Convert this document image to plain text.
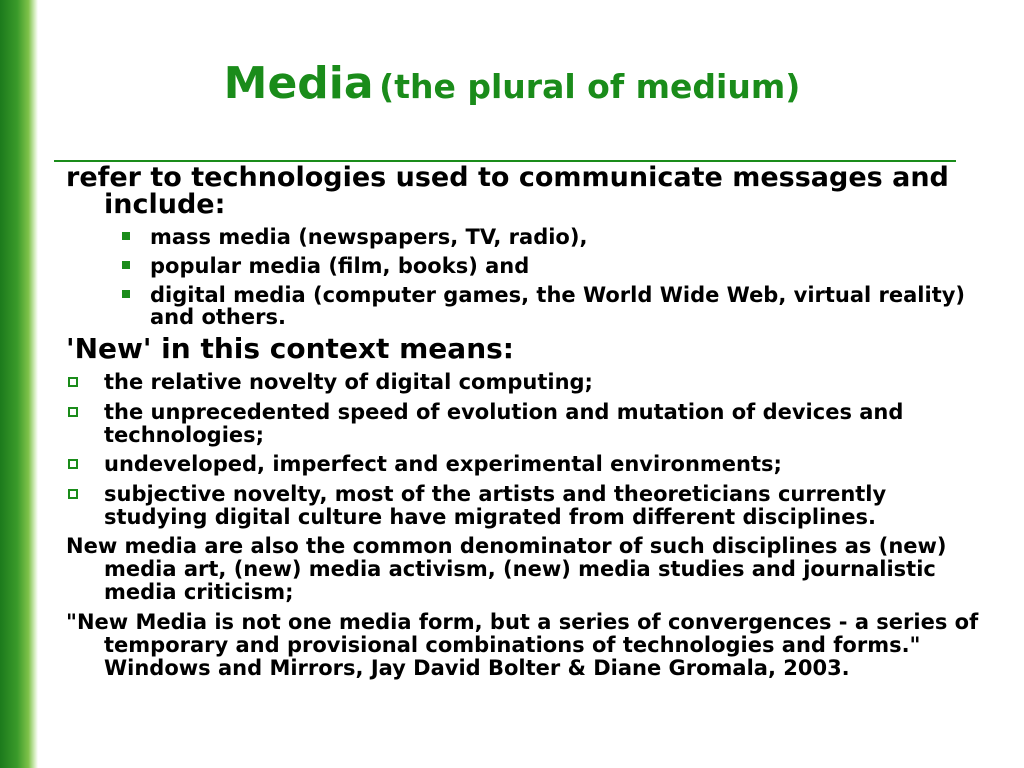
Media (the plural of medium)

refer to technologies used to communicate messages and include:

mass media (newspapers, TV, radio),
popular media (film, books) and
digital media (computer games, the World Wide Web, virtual reality) and others.

'New' in this context means:

the relative novelty of digital computing;
the unprecedented speed of evolution and mutation of devices and technologies;
undeveloped, imperfect and experimental environments;
subjective novelty, most of the artists and theoreticians currently studying digital culture have migrated from different disciplines.

New media are also the common denominator of such disciplines as (new) media art, (new) media activism, (new) media studies and journalistic media criticism;

"New Media is not one media form, but a series of convergences - a series of temporary and provisional combinations of technologies and forms." Windows and Mirrors, Jay David Bolter & Diane Gromala, 2003.
